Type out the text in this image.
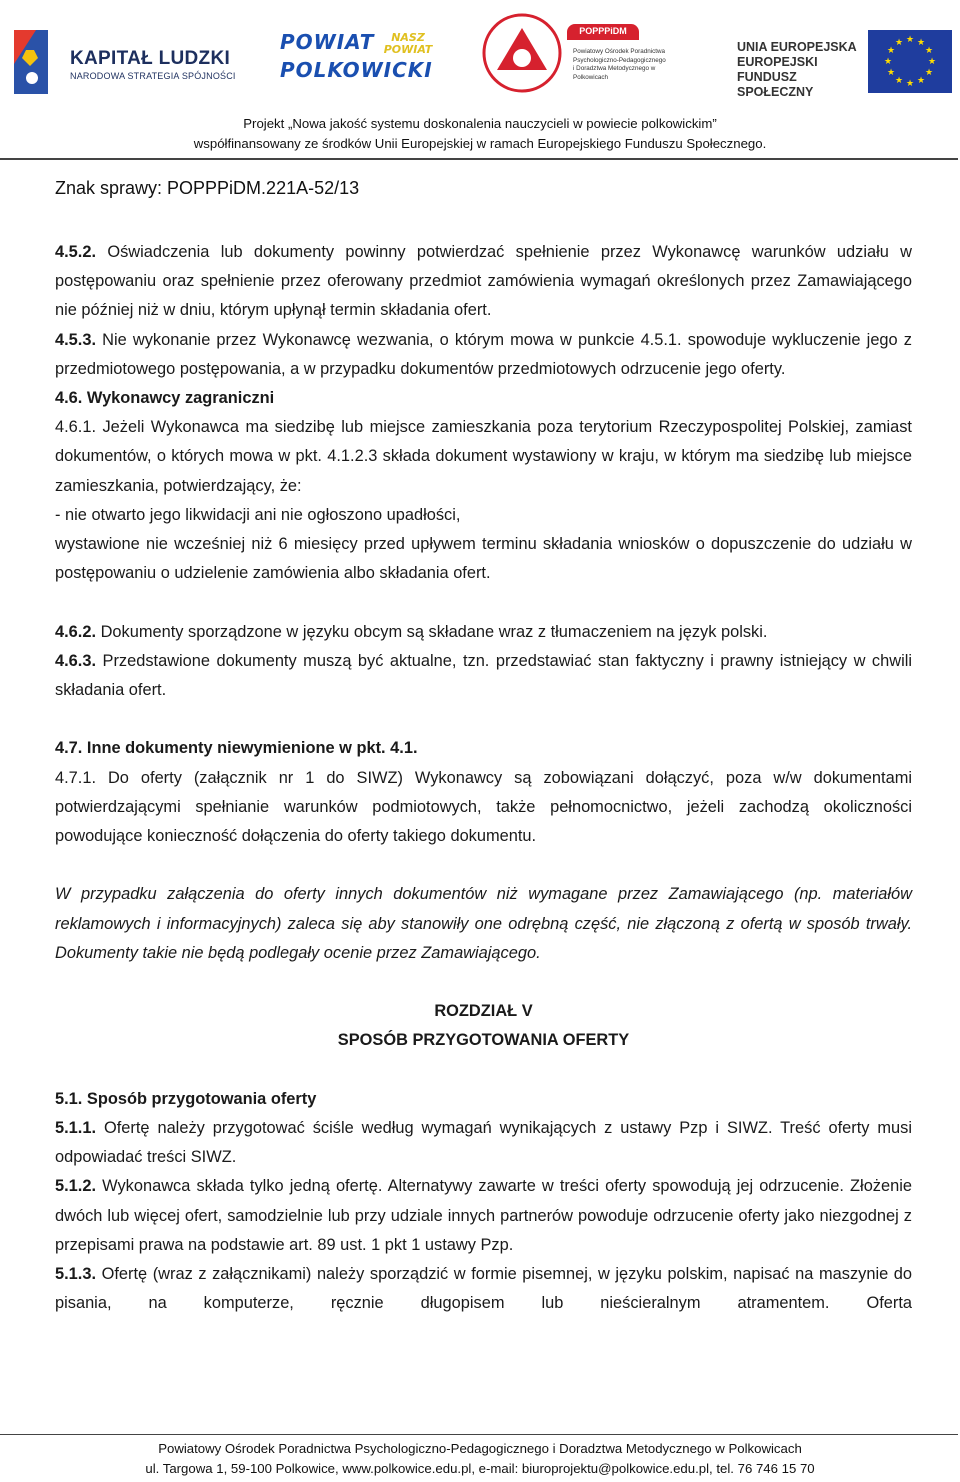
KAPITAŁ LUDZKI
NARODOWA STRATEGIA SPÓJNOŚCI
POWIAT	NASZ POWIAT
POLKOWICKI
POPPPiDM
Powiatowy Ośrodek Poradnictwa Psychologiczno-Pedagogicznego i Doradztwa Metodycznego w Polkowicach
UNIA EUROPEJSKA
EUROPEJSKI
FUNDUSZ SPOŁECZNY
★ ★
★
★
★
★
★
★
★
★
★
★
Projekt „Nowa jakość systemu doskonalenia nauczycieli w powiecie polkowickim”
współfinansowany ze środków Unii Europejskiej w ramach Europejskiego Funduszu Społecznego.
Znak sprawy: POPPPiDM.221A-52/13

4.5.2. Oświadczenia lub dokumenty powinny potwierdzać spełnienie przez Wykonawcę warunków udziału w postępowaniu oraz spełnienie przez oferowany przedmiot zamówienia wymagań określonych przez Zamawiającego nie później niż w dniu, którym upłynął termin składania ofert.

4.5.3. Nie wykonanie przez Wykonawcę wezwania, o którym mowa w punkcie 4.5.1. spowoduje wykluczenie jego z przedmiotowego postępowania, a w przypadku dokumentów przedmiotowych odrzucenie jego oferty.

4.6. Wykonawcy zagraniczni

4.6.1. Jeżeli Wykonawca ma siedzibę lub miejsce zamieszkania poza terytorium Rzeczypospolitej Polskiej, zamiast dokumentów, o których mowa w pkt. 4.1.2.3 składa dokument wystawiony w kraju, w którym ma siedzibę lub miejsce zamieszkania, potwierdzający, że:

- nie otwarto jego likwidacji ani nie ogłoszono upadłości,

wystawione nie wcześniej niż 6 miesięcy przed upływem terminu składania wniosków o dopuszczenie do udziału w postępowaniu o udzielenie zamówienia albo składania ofert.

4.6.2. Dokumenty sporządzone w języku obcym są składane wraz z tłumaczeniem na język polski.

4.6.3. Przedstawione dokumenty muszą być aktualne, tzn. przedstawiać stan faktyczny i prawny istniejący w chwili składania ofert.

4.7. Inne dokumenty niewymienione w pkt. 4.1.

4.7.1. Do oferty (załącznik nr 1 do SIWZ) Wykonawcy są zobowiązani dołączyć, poza w/w dokumentami potwierdzającymi spełnianie warunków podmiotowych, także pełnomocnictwo, jeżeli zachodzą okoliczności powodujące konieczność dołączenia do oferty takiego dokumentu.

W przypadku załączenia do oferty innych dokumentów niż wymagane przez Zamawiającego (np. materiałów reklamowych i informacyjnych) zaleca się aby stanowiły one odrębną część, nie złączoną z ofertą w sposób trwały. Dokumenty takie nie będą podlegały ocenie przez Zamawiającego.

ROZDZIAŁ V

SPOSÓB PRZYGOTOWANIA OFERTY

5.1. Sposób przygotowania oferty

5.1.1. Ofertę należy przygotować ściśle według wymagań wynikających z ustawy Pzp i SIWZ. Treść oferty musi odpowiadać treści SIWZ.

5.1.2. Wykonawca składa tylko jedną ofertę. Alternatywy zawarte w treści oferty spowodują jej odrzucenie. Złożenie dwóch lub więcej ofert, samodzielnie lub przy udziale innych partnerów powoduje odrzucenie oferty jako niezgodnej z przepisami prawa na podstawie art. 89 ust. 1 pkt 1 ustawy Pzp.

5.1.3. Ofertę (wraz z załącznikami) należy sporządzić w formie pisemnej, w języku polskim, napisać na maszynie do pisania, na komputerze, ręcznie długopisem lub nieścieralnym atramentem. Oferta

Powiatowy Ośrodek Poradnictwa Psychologiczno-Pedagogicznego i Doradztwa Metodycznego w Polkowicach
ul. Targowa 1, 59-100 Polkowice, www.polkowice.edu.pl, e-mail: biuroprojektu@polkowice.edu.pl, tel. 76 746 15 70
